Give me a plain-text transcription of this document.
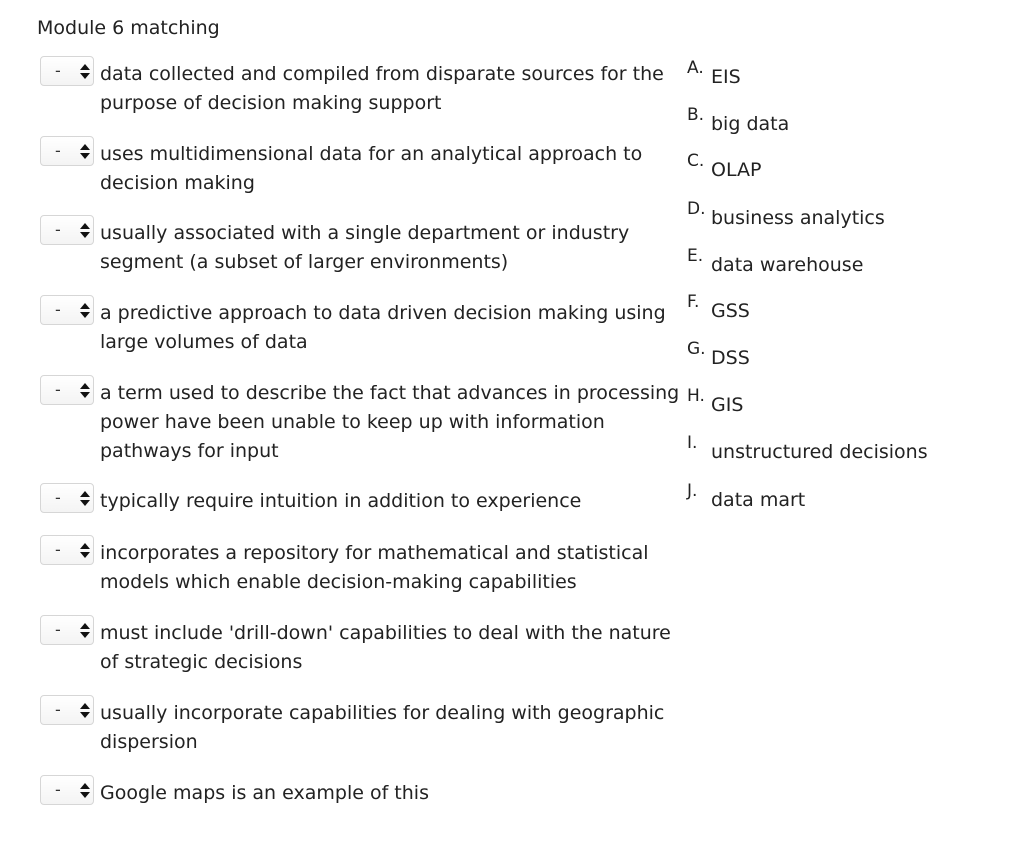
Module 6 matching
- data collected and compiled from disparate sources for the purpose of decision making support
- uses multidimensional data for an analytical approach to decision making
- usually associated with a single department or industry segment (a subset of larger environments)
- a predictive approach to data driven decision making using large volumes of data
- a term used to describe the fact that advances in processing power have been unable to keep up with information pathways for input
- typically require intuition in addition to experience
- incorporates a repository for mathematical and statistical models which enable decision-making capabilities
- must include 'drill-down' capabilities to deal with the nature of strategic decisions
- usually incorporate capabilities for dealing with geographic dispersion
- Google maps is an example of this
A. EIS
B. big data
C. OLAP
D. business analytics
E. data warehouse
F. GSS
G. DSS
H. GIS
I. unstructured decisions
J. data mart
